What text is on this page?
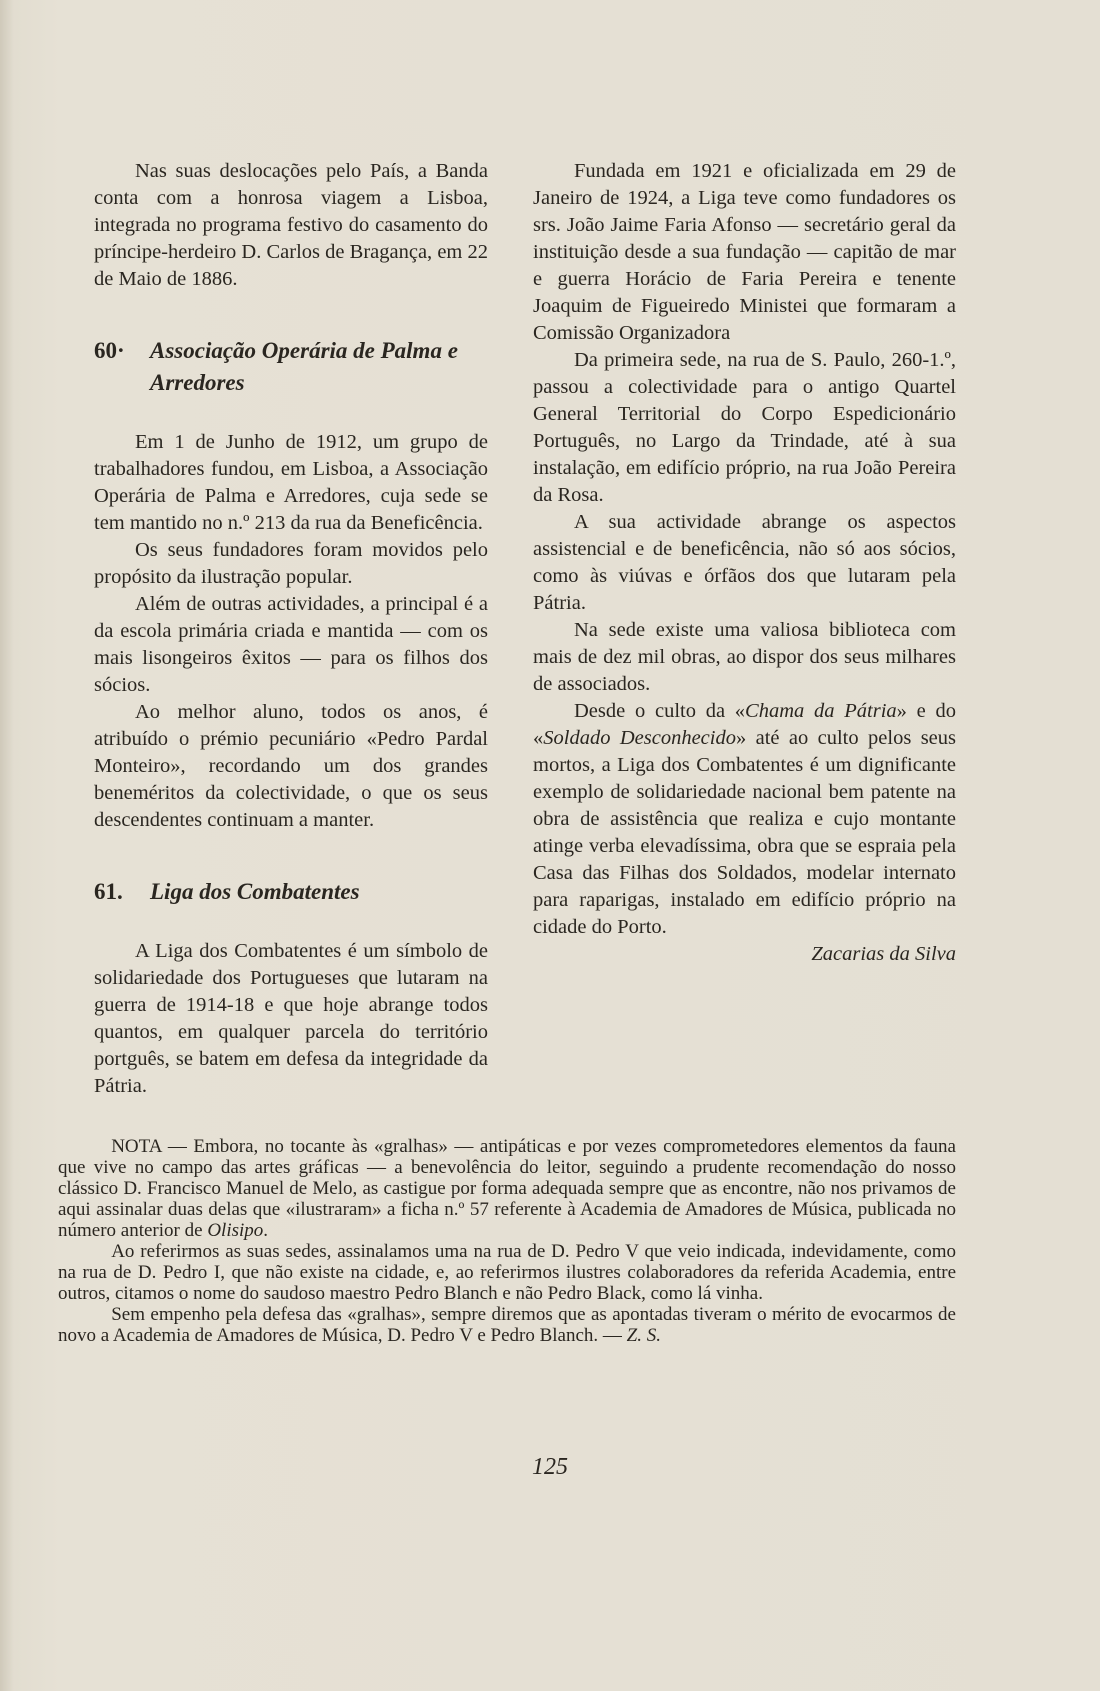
Nas suas deslocações pelo País, a Banda conta com a honrosa viagem a Lisboa, integrada no programa festivo do casamento do príncipe-herdeiro D. Carlos de Bragança, em 22 de Maio de 1886.

60·	Associação Operária de Palma e Arredores

Em 1 de Junho de 1912, um grupo de trabalhadores fundou, em Lisboa, a Associação Operária de Palma e Arredores, cuja sede se tem mantido no n.º 213 da rua da Beneficência.

Os seus fundadores foram movidos pelo propósito da ilustração popular.

Além de outras actividades, a principal é a da escola primária criada e mantida — com os mais lisongeiros êxitos — para os filhos dos sócios.

Ao melhor aluno, todos os anos, é atribuído o prémio pecuniário «Pedro Pardal Monteiro», recordando um dos grandes beneméritos da colectividade, o que os seus descendentes continuam a manter.

61.	Liga dos Combatentes

A Liga dos Combatentes é um símbolo de solidariedade dos Portugueses que lutaram na guerra de 1914-18 e que hoje abrange todos quantos, em qualquer parcela do território portguês, se batem em defesa da integridade da Pátria.

Fundada em 1921 e oficializada em 29 de Janeiro de 1924, a Liga teve como fundadores os srs. João Jaime Faria Afonso — secretário geral da instituição desde a sua fundação — capitão de mar e guerra Horácio de Faria Pereira e tenente Joaquim de Figueiredo Ministei que formaram a Comissão Organizadora

Da primeira sede, na rua de S. Paulo, 260-1.º, passou a colectividade para o antigo Quartel General Territorial do Corpo Espedicionário Português, no Largo da Trindade, até à sua instalação, em edifício próprio, na rua João Pereira da Rosa.

A sua actividade abrange os aspectos assistencial e de beneficência, não só aos sócios, como às viúvas e órfãos dos que lutaram pela Pátria.

Na sede existe uma valiosa biblioteca com mais de dez mil obras, ao dispor dos seus milhares de associados.

Desde o culto da «Chama da Pátria» e do «Soldado Desconhecido» até ao culto pelos seus mortos, a Liga dos Combatentes é um dignificante exemplo de solidariedade nacional bem patente na obra de assistência que realiza e cujo montante atinge verba elevadíssima, obra que se espraia pela Casa das Filhas dos Soldados, modelar internato para raparigas, instalado em edifício próprio na cidade do Porto.

Zacarias da Silva

NOTA — Embora, no tocante às «gralhas» — antipáticas e por vezes comprometedores elementos da fauna que vive no campo das artes gráficas — a benevolência do leitor, seguindo a prudente recomendação do nosso clássico D. Francisco Manuel de Melo, as castigue por forma adequada sempre que as encontre, não nos privamos de aqui assinalar duas delas que «ilustraram» a ficha n.º 57 referente à Academia de Amadores de Música, publicada no número anterior de Olisipo.

Ao referirmos as suas sedes, assinalamos uma na rua de D. Pedro V que veio indicada, indevidamente, como na rua de D. Pedro I, que não existe na cidade, e, ao referirmos ilustres colaboradores da referida Academia, entre outros, citamos o nome do saudoso maestro Pedro Blanch e não Pedro Black, como lá vinha.

Sem empenho pela defesa das «gralhas», sempre diremos que as apontadas tiveram o mérito de evocarmos de novo a Academia de Amadores de Música, D. Pedro V e Pedro Blanch. — Z. S.

125
